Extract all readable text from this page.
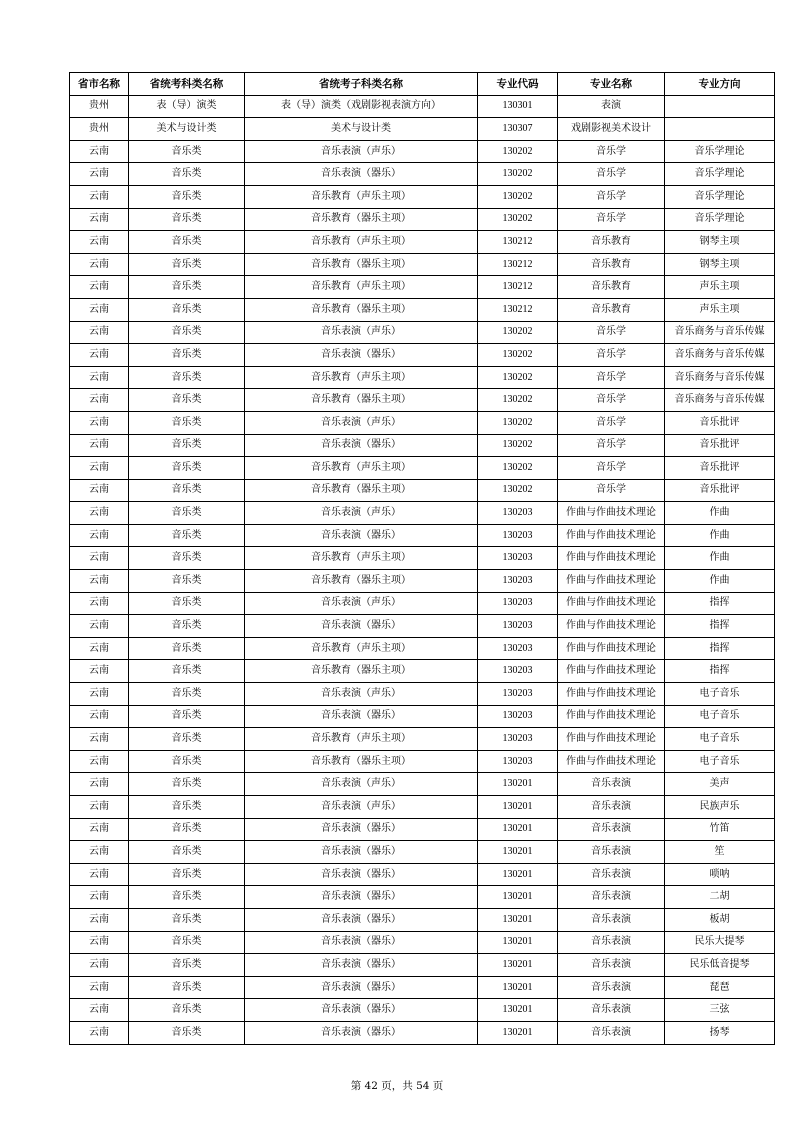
省市名称	省统考科类名称	省统考子科类名称	专业代码	专业名称	专业方向
贵州	表（导）演类	表（导）演类（戏剧影视表演方向）	130301	表演	
贵州	美术与设计类	美术与设计类	130307	戏剧影视美术设计	
云南	音乐类	音乐表演（声乐）	130202	音乐学	音乐学理论
云南	音乐类	音乐表演（器乐）	130202	音乐学	音乐学理论
云南	音乐类	音乐教育（声乐主项）	130202	音乐学	音乐学理论
云南	音乐类	音乐教育（器乐主项）	130202	音乐学	音乐学理论
云南	音乐类	音乐教育（声乐主项）	130212	音乐教育	钢琴主项
云南	音乐类	音乐教育（器乐主项）	130212	音乐教育	钢琴主项
云南	音乐类	音乐教育（声乐主项）	130212	音乐教育	声乐主项
云南	音乐类	音乐教育（器乐主项）	130212	音乐教育	声乐主项
云南	音乐类	音乐表演（声乐）	130202	音乐学	音乐商务与音乐传媒
云南	音乐类	音乐表演（器乐）	130202	音乐学	音乐商务与音乐传媒
云南	音乐类	音乐教育（声乐主项）	130202	音乐学	音乐商务与音乐传媒
云南	音乐类	音乐教育（器乐主项）	130202	音乐学	音乐商务与音乐传媒
云南	音乐类	音乐表演（声乐）	130202	音乐学	音乐批评
云南	音乐类	音乐表演（器乐）	130202	音乐学	音乐批评
云南	音乐类	音乐教育（声乐主项）	130202	音乐学	音乐批评
云南	音乐类	音乐教育（器乐主项）	130202	音乐学	音乐批评
云南	音乐类	音乐表演（声乐）	130203	作曲与作曲技术理论	作曲
云南	音乐类	音乐表演（器乐）	130203	作曲与作曲技术理论	作曲
云南	音乐类	音乐教育（声乐主项）	130203	作曲与作曲技术理论	作曲
云南	音乐类	音乐教育（器乐主项）	130203	作曲与作曲技术理论	作曲
云南	音乐类	音乐表演（声乐）	130203	作曲与作曲技术理论	指挥
云南	音乐类	音乐表演（器乐）	130203	作曲与作曲技术理论	指挥
云南	音乐类	音乐教育（声乐主项）	130203	作曲与作曲技术理论	指挥
云南	音乐类	音乐教育（器乐主项）	130203	作曲与作曲技术理论	指挥
云南	音乐类	音乐表演（声乐）	130203	作曲与作曲技术理论	电子音乐
云南	音乐类	音乐表演（器乐）	130203	作曲与作曲技术理论	电子音乐
云南	音乐类	音乐教育（声乐主项）	130203	作曲与作曲技术理论	电子音乐
云南	音乐类	音乐教育（器乐主项）	130203	作曲与作曲技术理论	电子音乐
云南	音乐类	音乐表演（声乐）	130201	音乐表演	美声
云南	音乐类	音乐表演（声乐）	130201	音乐表演	民族声乐
云南	音乐类	音乐表演（器乐）	130201	音乐表演	竹笛
云南	音乐类	音乐表演（器乐）	130201	音乐表演	笙
云南	音乐类	音乐表演（器乐）	130201	音乐表演	唢呐
云南	音乐类	音乐表演（器乐）	130201	音乐表演	二胡
云南	音乐类	音乐表演（器乐）	130201	音乐表演	板胡
云南	音乐类	音乐表演（器乐）	130201	音乐表演	民乐大提琴
云南	音乐类	音乐表演（器乐）	130201	音乐表演	民乐低音提琴
云南	音乐类	音乐表演（器乐）	130201	音乐表演	琵琶
云南	音乐类	音乐表演（器乐）	130201	音乐表演	三弦
云南	音乐类	音乐表演（器乐）	130201	音乐表演	扬琴
第 42 页，共 54 页
